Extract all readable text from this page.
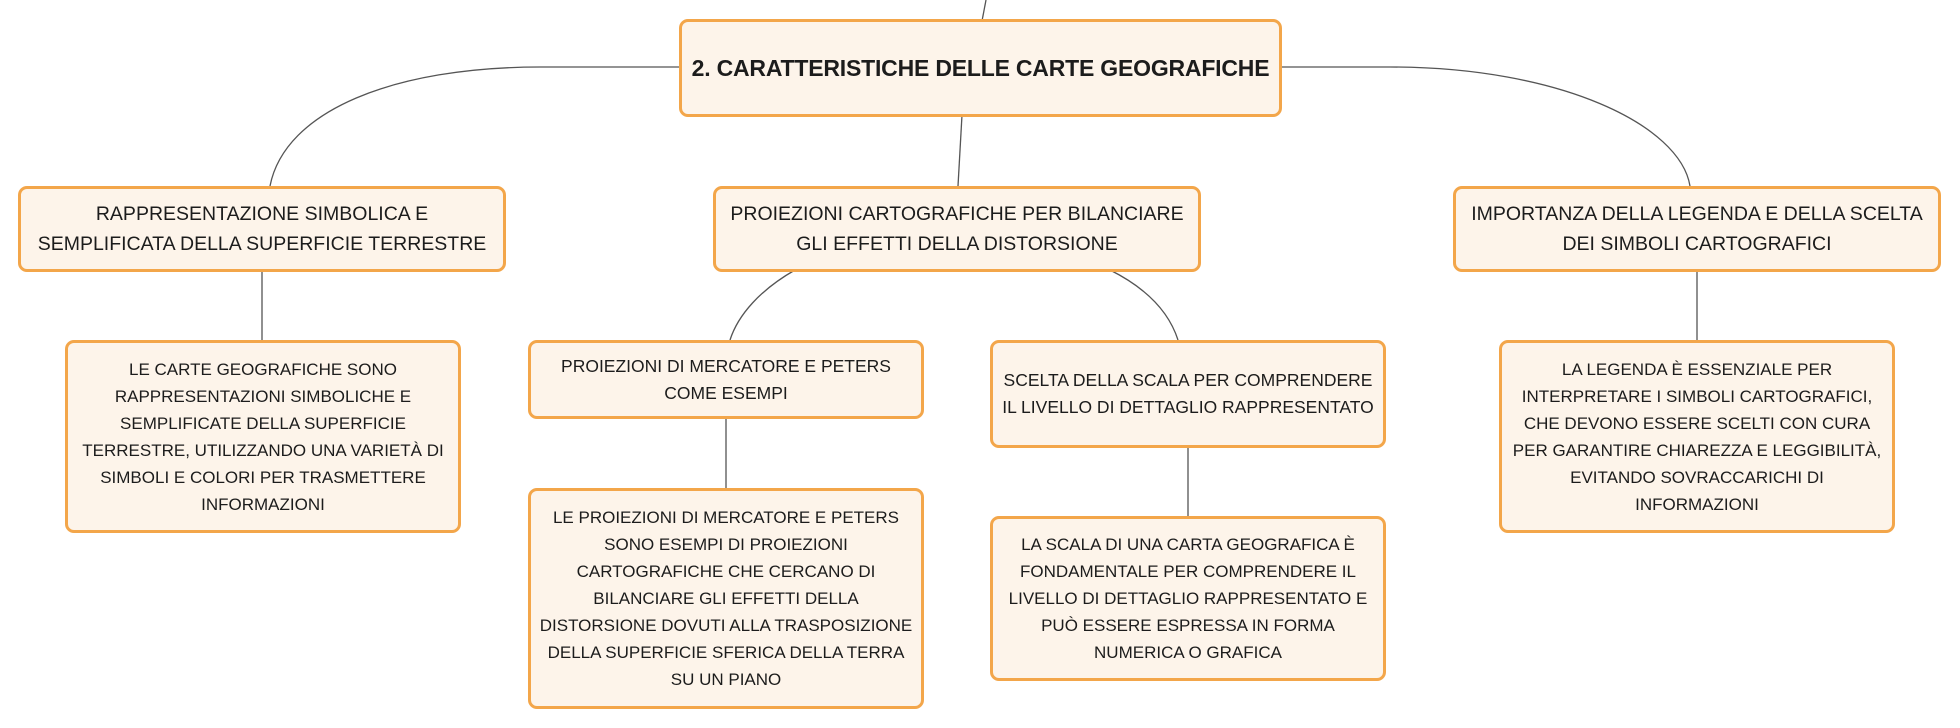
2. CARATTERISTICHE DELLE CARTE GEOGRAFICHE
RAPPRESENTAZIONE SIMBOLICA E SEMPLIFICATA DELLA SUPERFICIE TERRESTRE
PROIEZIONI CARTOGRAFICHE PER BILANCIARE GLI EFFETTI DELLA DISTORSIONE
IMPORTANZA DELLA LEGENDA E DELLA SCELTA DEI SIMBOLI CARTOGRAFICI
PROIEZIONI DI MERCATORE E PETERS COME ESEMPI
SCELTA DELLA SCALA PER COMPRENDERE IL LIVELLO DI DETTAGLIO RAPPRESENTATO
LE CARTE GEOGRAFICHE SONO RAPPRESENTAZIONI SIMBOLICHE E SEMPLIFICATE DELLA SUPERFICIE TERRESTRE, UTILIZZANDO UNA VARIETÀ DI SIMBOLI E COLORI PER TRASMETTERE INFORMAZIONI
LE PROIEZIONI DI MERCATORE E PETERS SONO ESEMPI DI PROIEZIONI CARTOGRAFICHE CHE CERCANO DI BILANCIARE GLI EFFETTI DELLA DISTORSIONE DOVUTI ALLA TRASPOSIZIONE DELLA SUPERFICIE SFERICA DELLA TERRA SU UN PIANO
LA SCALA DI UNA CARTA GEOGRAFICA È FONDAMENTALE PER COMPRENDERE IL LIVELLO DI DETTAGLIO RAPPRESENTATO E PUÒ ESSERE ESPRESSA IN FORMA NUMERICA O GRAFICA
LA LEGENDA È ESSENZIALE PER INTERPRETARE I SIMBOLI CARTOGRAFICI, CHE DEVONO ESSERE SCELTI CON CURA PER GARANTIRE CHIAREZZA E LEGGIBILITÀ, EVITANDO SOVRACCARICHI DI INFORMAZIONI
